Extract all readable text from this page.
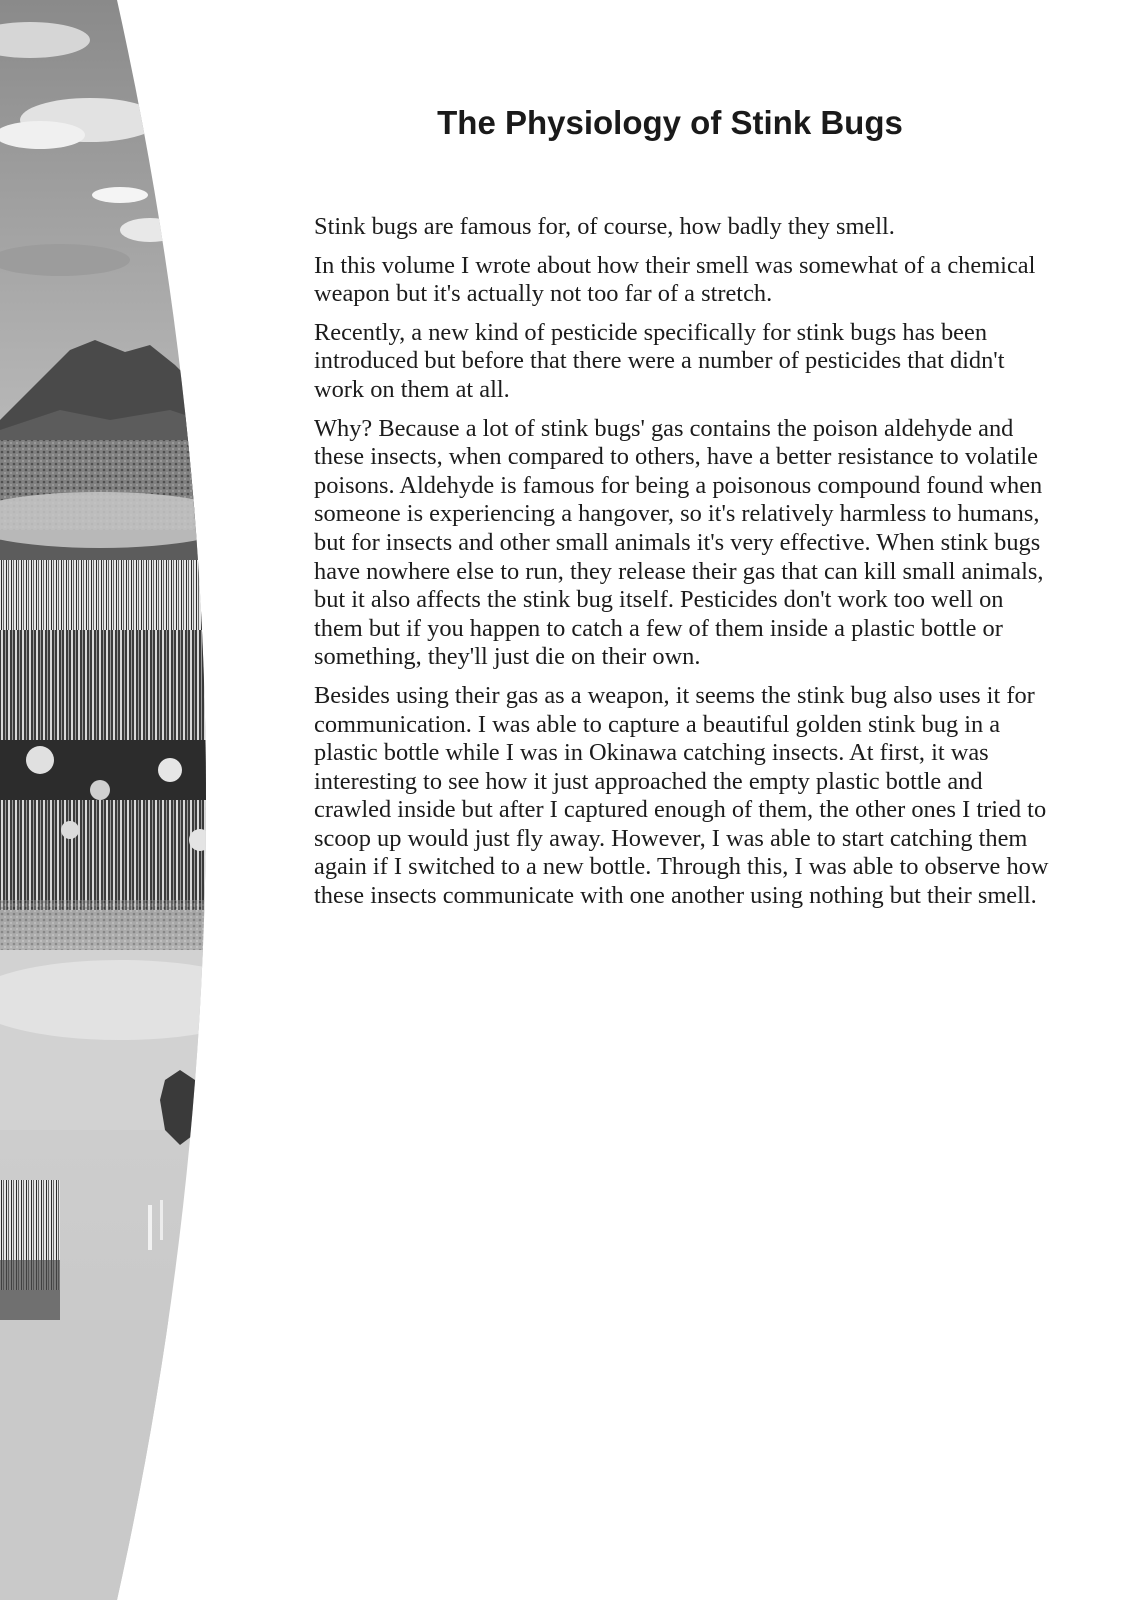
The Physiology of Stink Bugs

Stink bugs are famous for, of course, how badly they smell.

In this volume I wrote about how their smell was somewhat of a chemical weapon but it's actually not too far of a stretch.

Recently, a new kind of pesticide specifically for stink bugs has been introduced but before that there were a number of pesticides that didn't work on them at all.

Why? Because a lot of stink bugs' gas contains the poison aldehyde and these insects, when compared to others, have a better resistance to volatile poisons. Aldehyde is famous for being a poisonous compound found when someone is experiencing a hangover, so it's relatively harmless to humans, but for insects and other small animals it's very effective. When stink bugs have nowhere else to run, they release their gas that can kill small animals, but it also affects the stink bug itself. Pesticides don't work too well on them but if you happen to catch a few of them inside a plastic bottle or something, they'll just die on their own.

Besides using their gas as a weapon, it seems the stink bug also uses it for communication. I was able to capture a beautiful golden stink bug in a plastic bottle while I was in Okinawa catching insects. At first, it was interesting to see how it just approached the empty plastic bottle and crawled inside but after I captured enough of them, the other ones I tried to scoop up would just fly away. However, I was able to start catching them again if I switched to a new bottle. Through this, I was able to observe how these insects communicate with one another using nothing but their smell.
